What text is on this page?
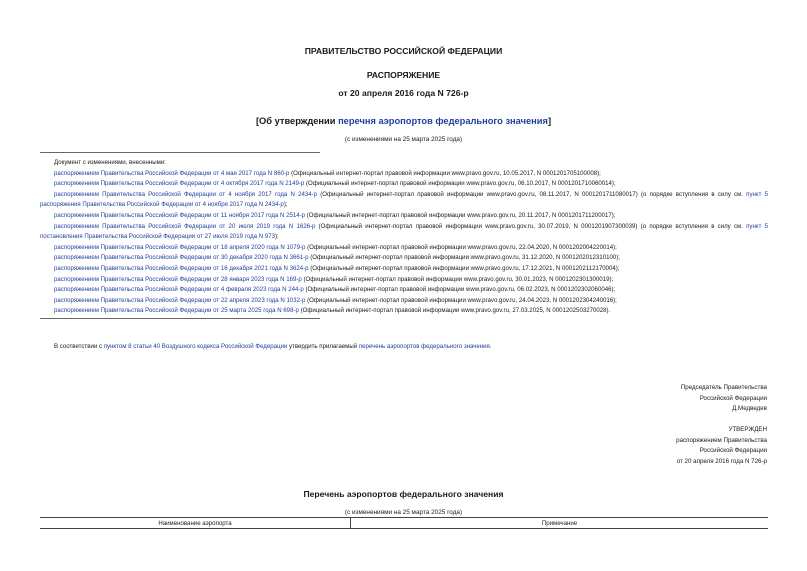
ПРАВИТЕЛЬСТВО РОССИЙСКОЙ ФЕДЕРАЦИИ
РАСПОРЯЖЕНИЕ
от 20 апреля 2016 года N 726-р
[Об утверждении перечня аэропортов федерального значения]
(с изменениями на 25 марта 2025 года)
Документ с изменениями, внесенными:
распоряжением Правительства Российской Федерации от 4 мая 2017 года N 860-р (Официальный интернет-портал правовой информации www.pravo.gov.ru, 10.05.2017, N 0001201705100008);
распоряжением Правительства Российской Федерации от 4 октября 2017 года N 2149-р (Официальный интернет-портал правовой информации www.pravo.gov.ru, 06.10.2017, N 0001201710060014);
распоряжением Правительства Российской Федерации от 4 ноября 2017 года N 2434-р (Официальный интернет-портал правовой информации www.pravo.gov.ru, 08.11.2017, N 0001201711080017) (о порядке вступления в силу см. пункт 5 распоряжения Правительства Российской Федерации от 4 ноября 2017 года N 2434-р);
распоряжением Правительства Российской Федерации от 11 ноября 2017 года N 2514-р (Официальный интернет-портал правовой информации www.pravo.gov.ru, 20.11.2017, N 0001201711200017);
распоряжением Правительства Российской Федерации от 20 июля 2019 года N 1626-р (Официальный интернет-портал правовой информации www.pravo.gov.ru, 30.07.2019, N 0001201907300039) (о порядке вступления в силу см. пункт 5 постановления Правительства Российской Федерации от 27 июля 2019 года N 973);
распоряжением Правительства Российской Федерации от 18 апреля 2020 года N 1079-р (Официальный интернет-портал правовой информации www.pravo.gov.ru, 22.04.2020, N 0001202004220014);
распоряжением Правительства Российской Федерации от 30 декабря 2020 года N 3661-р (Официальный интернет-портал правовой информации www.pravo.gov.ru, 31.12.2020, N 0001202012310100);
распоряжением Правительства Российской Федерации от 16 декабря 2021 года N 3624-р (Официальный интернет-портал правовой информации www.pravo.gov.ru, 17.12.2021, N 0001202112170004);
распоряжением Правительства Российской Федерации от 28 января 2023 года N 169-р (Официальный интернет-портал правовой информации www.pravo.gov.ru, 30.01.2023, N 0001202301300019);
распоряжением Правительства Российской Федерации от 4 февраля 2023 года N 244-р (Официальный интернет-портал правовой информации www.pravo.gov.ru, 06.02.2023, N 0001202302060046);
распоряжением Правительства Российской Федерации от 22 апреля 2023 года N 1032-р (Официальный интернет-портал правовой информации www.pravo.gov.ru, 24.04.2023, N 0001202304240016);
распоряжением Правительства Российской Федерации от 25 марта 2025 года N 698-р (Официальный интернет-портал правовой информации www.pravo.gov.ru, 27.03.2025, N 0001202503270028).
В соответствии с пунктом 8 статьи 40 Воздушного кодекса Российской Федерации утвердить прилагаемый перечень аэропортов федерального значения.
Председатель Правительства
Российской Федерации
Д.Медведев
УТВЕРЖДЕН
распоряжением Правительства
Российской Федерации
от 20 апреля 2016 года N 726-р
Перечень аэропортов федерального значения
(с изменениями на 25 марта 2025 года)
Наименование аэропорта	Примечание
